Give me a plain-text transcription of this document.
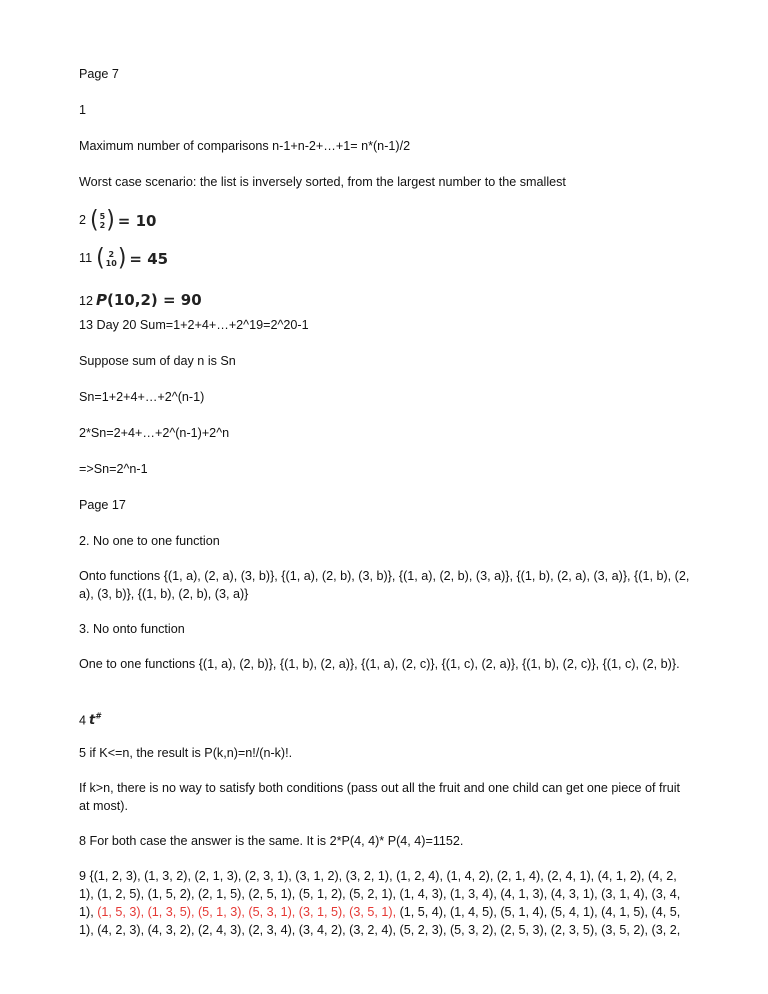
Page 7
1
Maximum number of comparisons n-1+n-2+…+1= n*(n-1)/2
Worst case scenario: the list is inversely sorted, from the largest number to the smallest
2 ( 5
2 ) = 10
11 ( 2
10 ) = 45
12 P(10,2) = 90
13 Day 20 Sum=1+2+4+…+2^19=2^20-1
Suppose sum of day n is Sn
Sn=1+2+4+…+2^(n-1)
2*Sn=2+4+…+2^(n-1)+2^n
=>Sn=2^n-1
Page 17
2. No one to one function
Onto functions {(1, a), (2, a), (3, b)}, {(1, a), (2, b), (3, b)}, {(1, a), (2, b), (3, a)}, {(1, b), (2, a), (3, a)}, {(1, b), (2, a), (3, b)}, {(1, b), (2, b), (3, a)}
3. No onto function
One to one functions {(1, a), (2, b)}, {(1, b), (2, a)}, {(1, a), (2, c)}, {(1, c), (2, a)}, {(1, b), (2, c)}, {(1, c), (2, b)}.
4 t#
5 if K<=n, the result is P(k,n)=n!/(n-k)!.
If k>n, there is no way to satisfy both conditions (pass out all the fruit and one child can get one piece of fruit at most).
8 For both case the answer is the same. It is 2*P(4, 4)* P(4, 4)=1152.
9 {(1, 2, 3), (1, 3, 2), (2, 1, 3), (2, 3, 1), (3, 1, 2), (3, 2, 1), (1, 2, 4), (1, 4, 2), (2, 1, 4), (2, 4, 1), (4, 1, 2), (4, 2, 1), (1, 2, 5), (1, 5, 2), (2, 1, 5), (2, 5, 1), (5, 1, 2), (5, 2, 1), (1, 4, 3), (1, 3, 4), (4, 1, 3), (4, 3, 1), (3, 1, 4), (3, 4, 1), (1, 5, 3), (1, 3, 5), (5, 1, 3), (5, 3, 1), (3, 1, 5), (3, 5, 1), (1, 5, 4), (1, 4, 5), (5, 1, 4), (5, 4, 1), (4, 1, 5), (4, 5, 1), (4, 2, 3), (4, 3, 2), (2, 4, 3), (2, 3, 4), (3, 4, 2), (3, 2, 4), (5, 2, 3), (5, 3, 2), (2, 5, 3), (2, 3, 5), (3, 5, 2), (3, 2,
